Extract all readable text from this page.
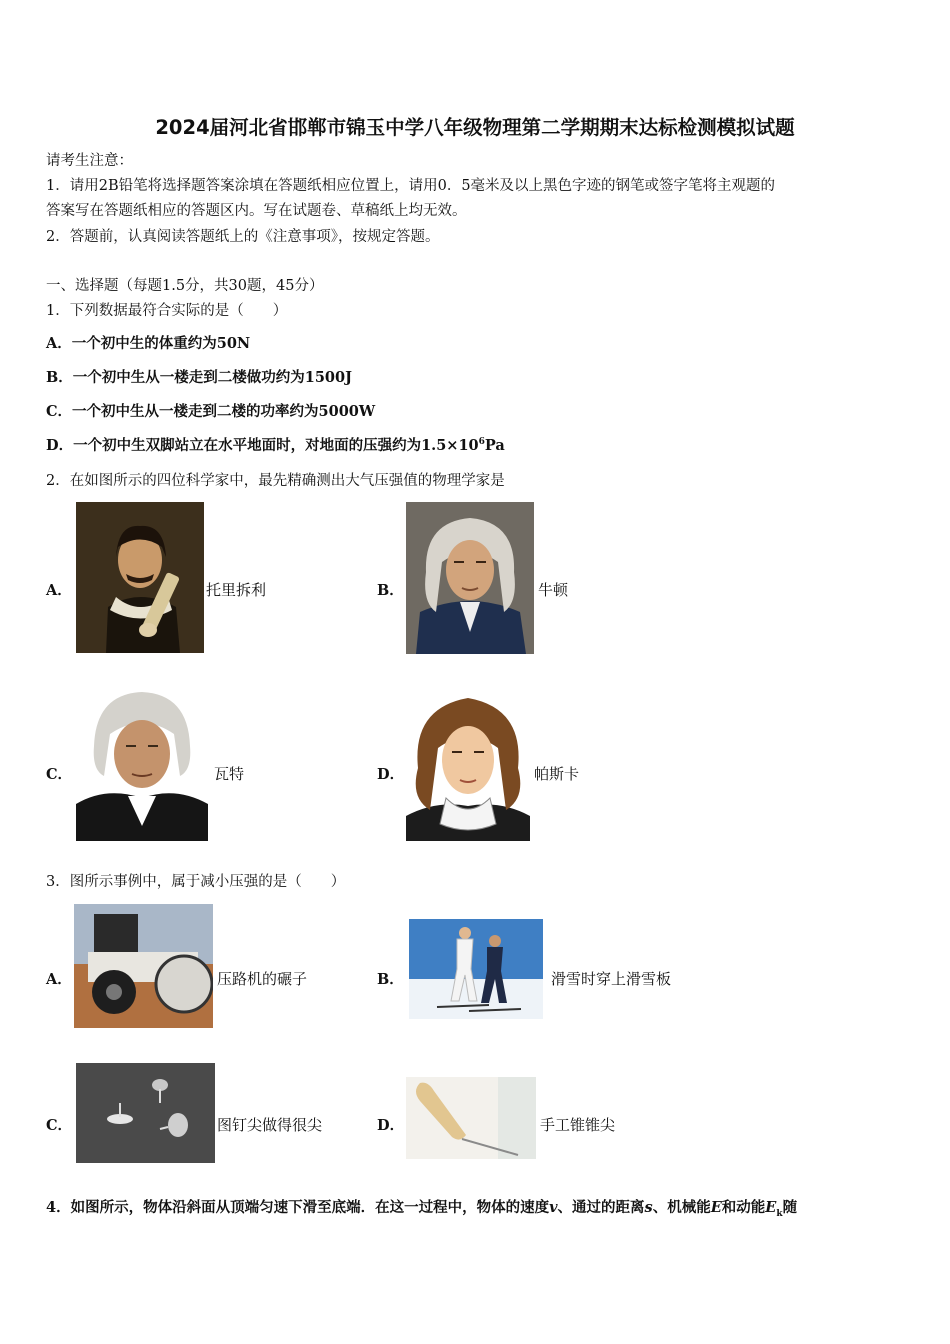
2024届河北省邯郸市锦玉中学八年级物理第二学期期末达标检测模拟试题
请考生注意：
1．请用2B铅笔将选择题答案涂填在答题纸相应位置上，请用0．5毫米及以上黑色字迹的钢笔或签字笔将主观题的
答案写在答题纸相应的答题区内。写在试题卷、草稿纸上均无效。
2．答题前，认真阅读答题纸上的《注意事项》，按规定答题。
一、选择题（每题1.5分，共30题，45分）
1．下列数据最符合实际的是（　　）
A．一个初中生的体重约为50N
B．一个初中生从一楼走到二楼做功约为1500J
C．一个初中生从一楼走到二楼的功率约为5000W
D．一个初中生双脚站立在水平地面时，对地面的压强约为$1.5\times 10^6Pa$
2．在如图所示的四位科学家中，最先精确测出大气压强值的物理学家是
A．	托里拆利	B．	牛顿
C．	瓦特	D．	帕斯卡
3．图所示事例中，属于减小压强的是（　　）
A．	压路机的碾子	B．	滑雪时穿上滑雪板
C．	图钉尖做得很尖	D．	手工锥锥尖
4．如图所示，物体沿斜面从顶端匀速下滑至底端．在这一过程中，物体的速度v、通过的距离s、机械能E和动能$E_k$随
